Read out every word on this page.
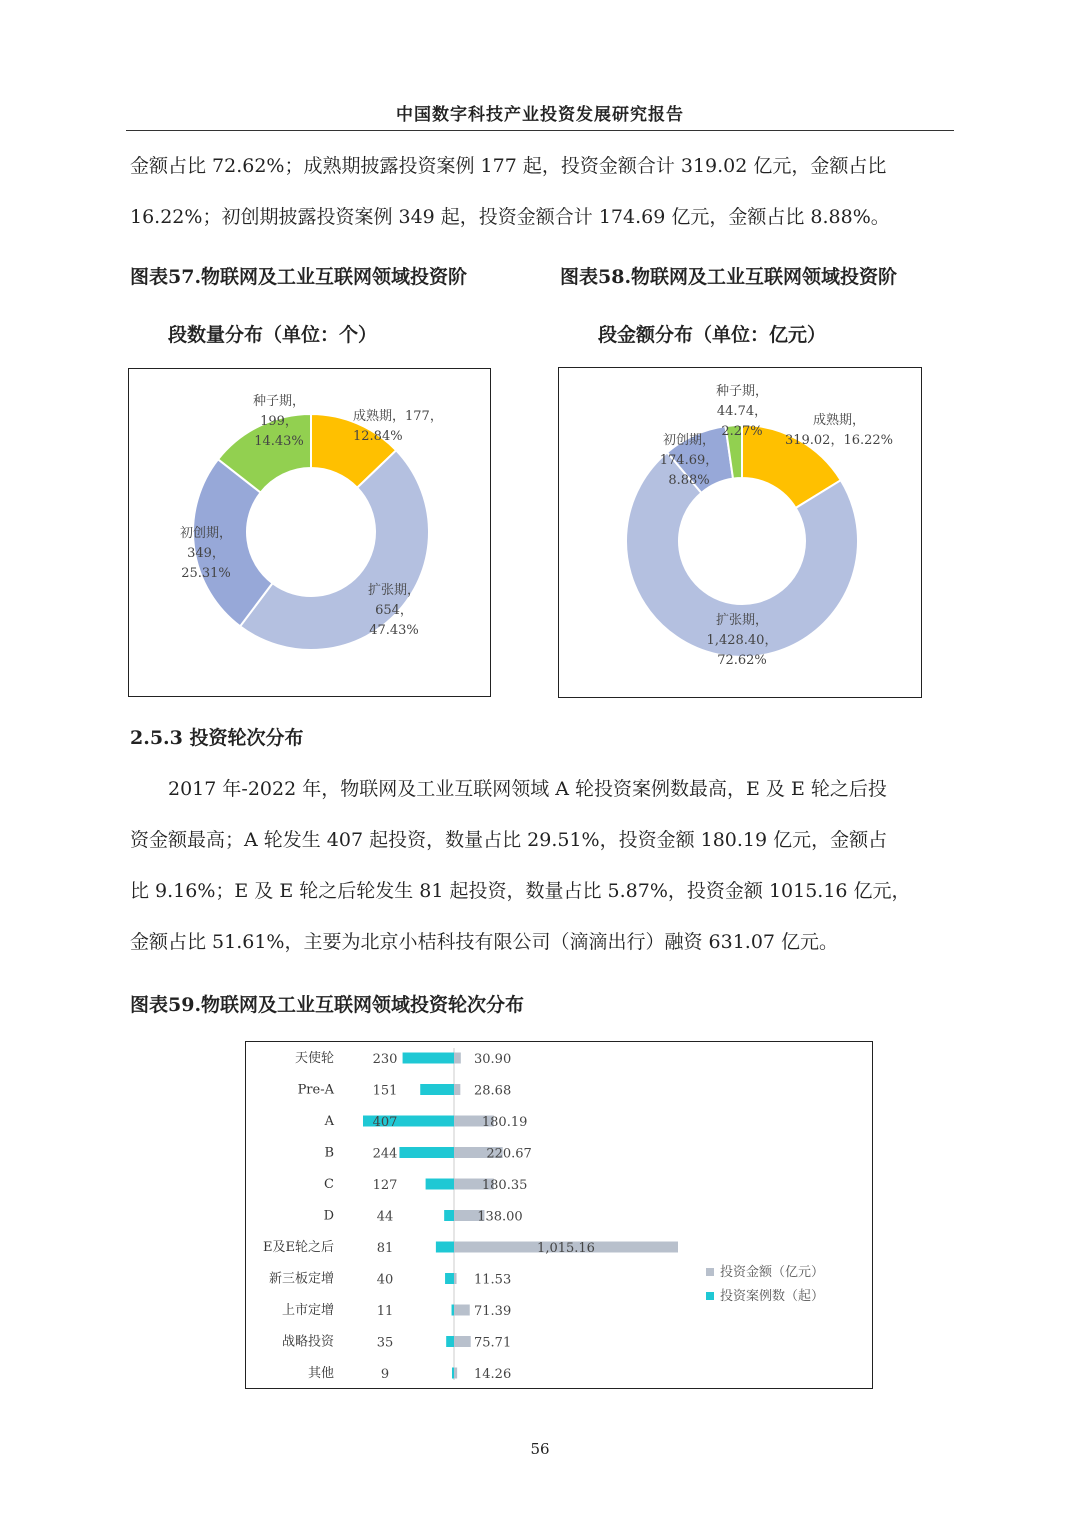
中国数字科技产业投资发展研究报告
金额占比 72.62%；成熟期披露投资案例 177 起，投资金额合计 319.02 亿元，金额占比
16.22%；初创期披露投资案例 349 起，投资金额合计 174.69 亿元，金额占比 8.88%。
图表57.物联网及工业互联网领域投资阶
段数量分布（单位：个）
图表58.物联网及工业互联网领域投资阶
段金额分布（单位：亿元）
成熟期，177， 12.84%
扩张期， 654， 47.43%
初创期， 349， 25.31%
种子期， 199， 14.43%
成熟期， 319.02，16.22%
扩张期， 1,428.40， 72.62%
初创期， 174.69， 8.88%
种子期， 44.74， 2.27%
2.5.3 投资轮次分布
2017 年-2022 年，物联网及工业互联网领域 A 轮投资案例数最高，E 及 E 轮之后投
资金额最高；A 轮发生 407 起投资，数量占比 29.51%，投资金额 180.19 亿元，金额占
比 9.16%；E 及 E 轮之后轮发生 81 起投资，数量占比 5.87%，投资金额 1015.16 亿元，
金额占比 51.61%，主要为北京小桔科技有限公司（滴滴出行）融资 631.07 亿元。
图表59.物联网及工业互联网领域投资轮次分布
天使轮	230	30.90
Pre-A	151	28.68
A	407	180.19
B	244	220.67
C	127	180.35
D	44	138.00
E及E轮之后	81	1,015.16
新三板定增	40	11.53
上市定增	11	71.39
战略投资	35	75.71
其他	9	14.26
投资金额（亿元）
投资案例数（起）
56
